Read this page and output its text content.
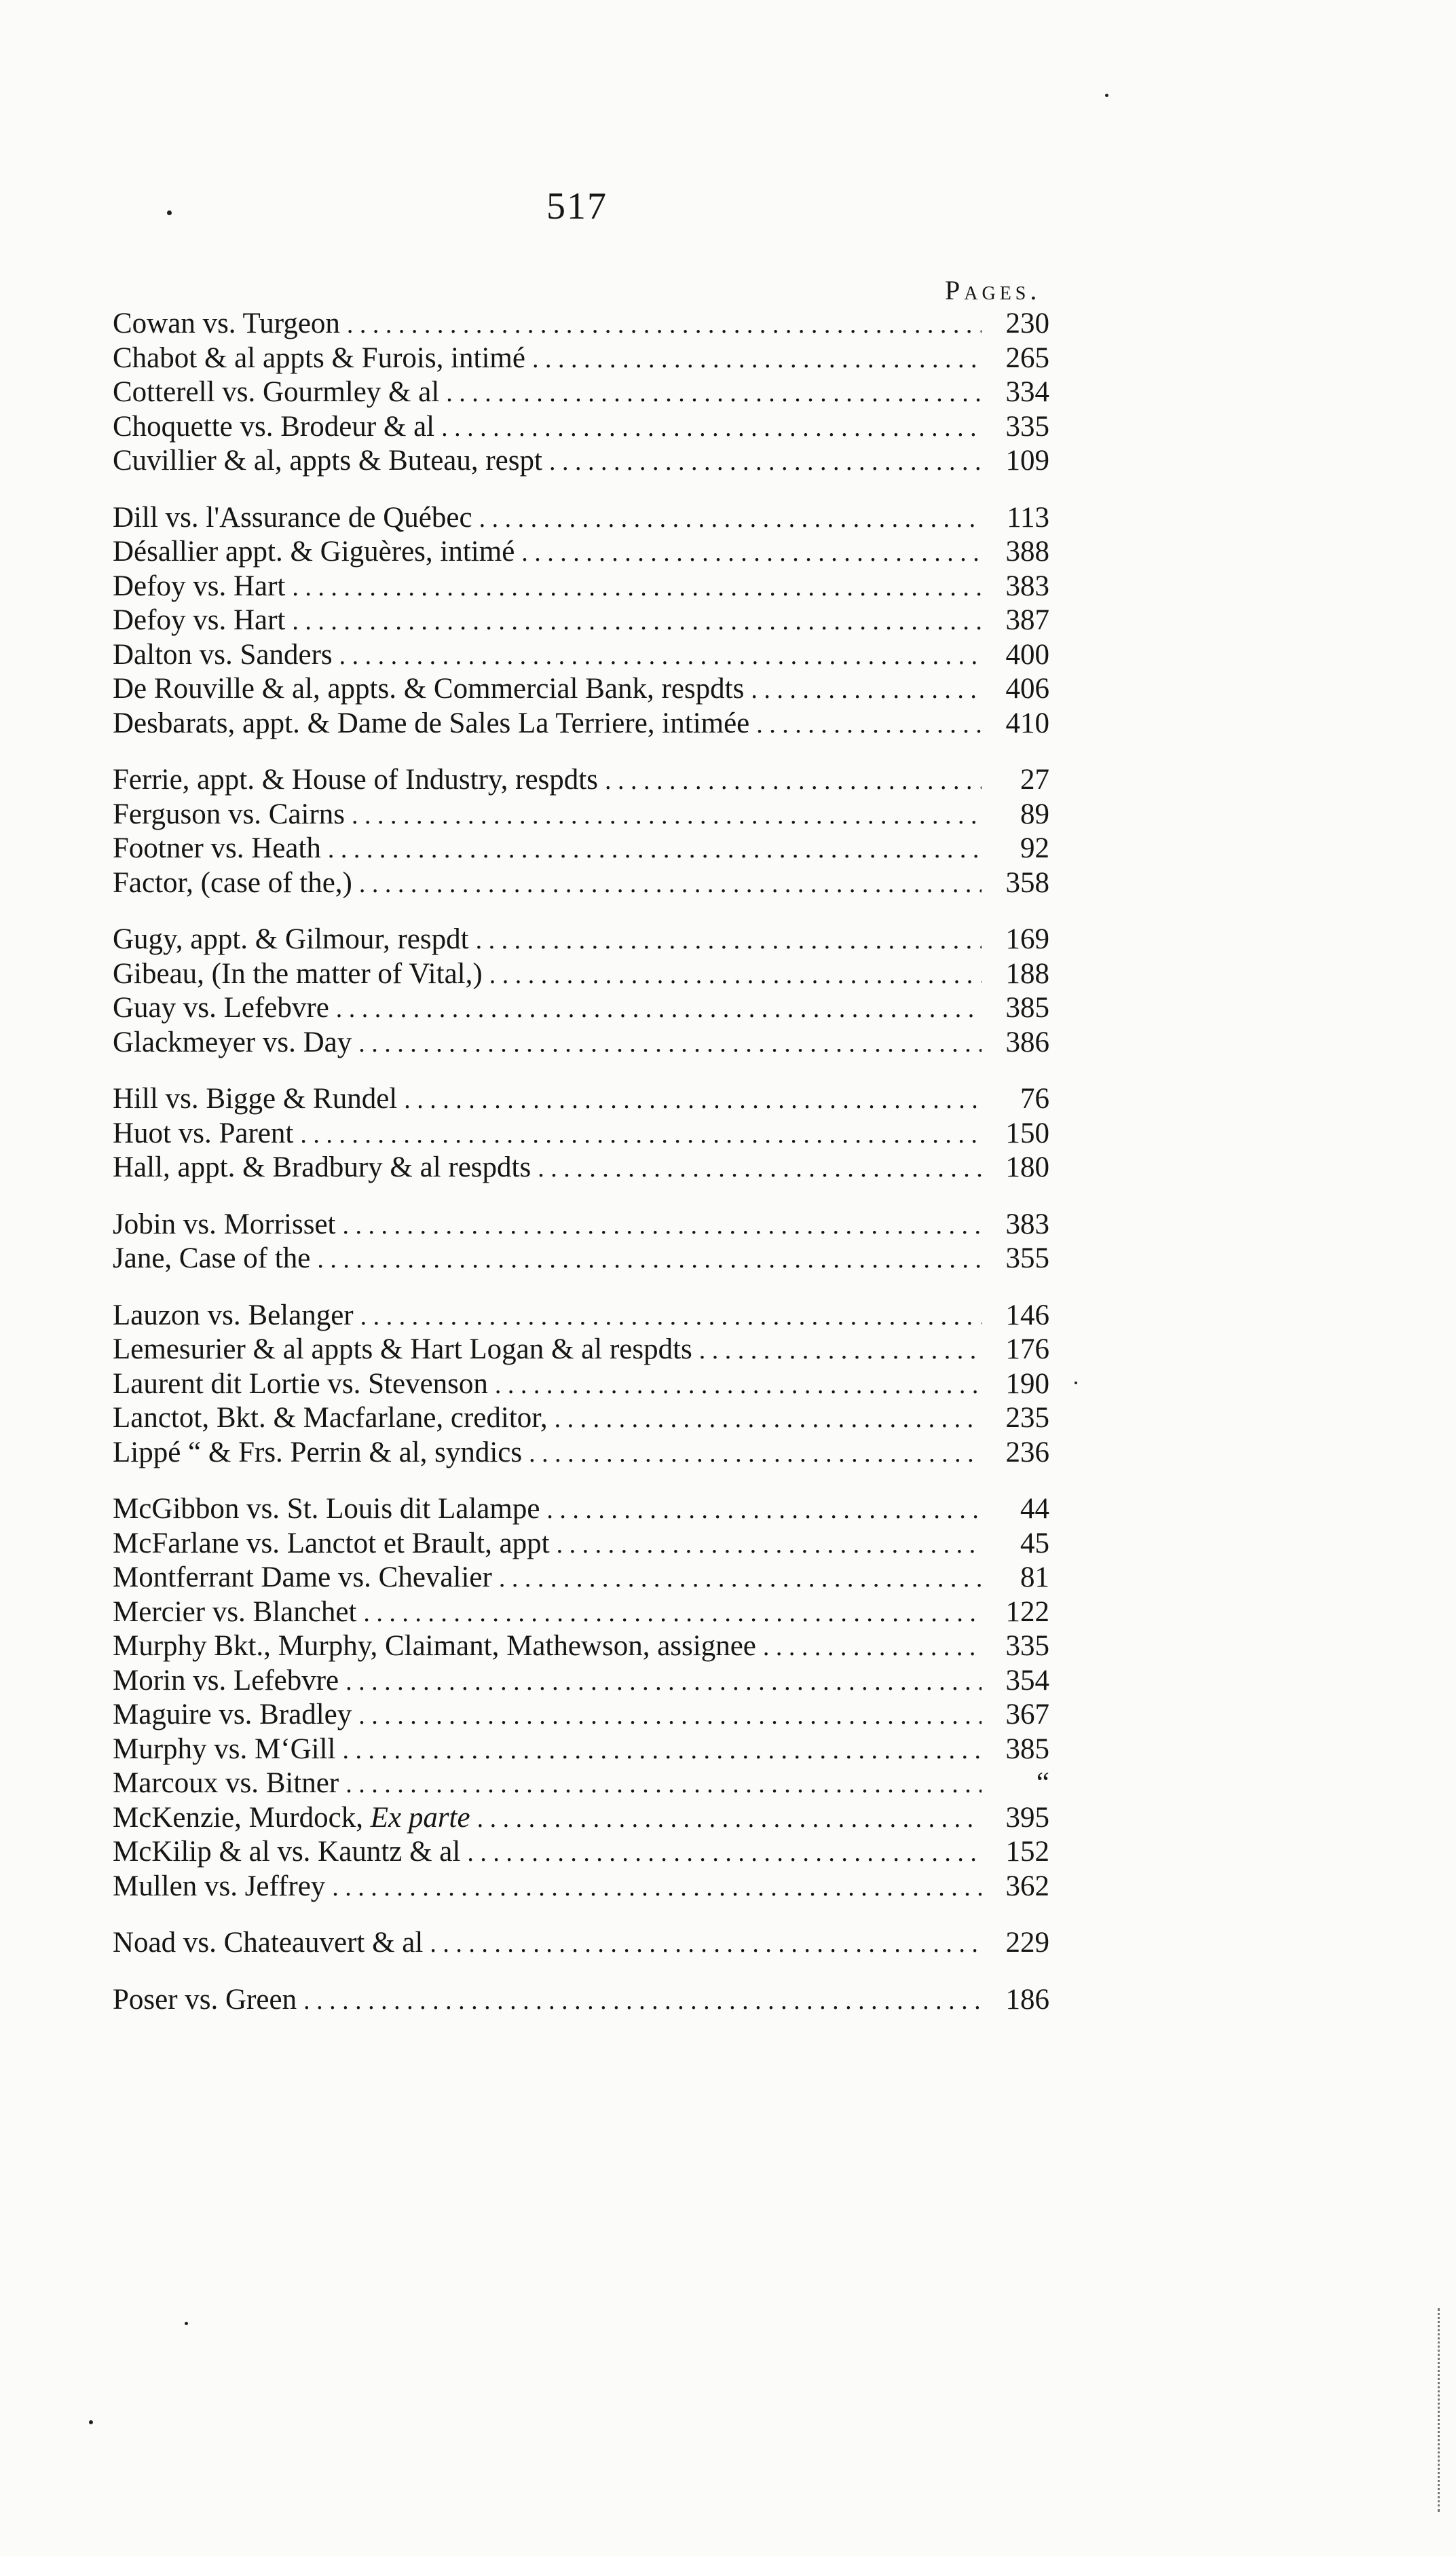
517
Pages.
Cowan vs. Turgeon . . .	230
Chabot & al appts & Furois, intimé . . .	265
Cotterell vs. Gourmley & al . . .	334
Choquette vs. Brodeur & al . . .	335
Cuvillier & al, appts & Buteau, respt . . .	109
Dill vs. l'Assurance de Québec . . .	113
Désallier appt. & Giguères, intimé . . .	388
Defoy vs. Hart . . .	383
Defoy vs. Hart . . .	387
Dalton vs. Sanders . . .	400
De Rouville & al, appts. & Commercial Bank, respdts . . .	406
Desbarats, appt. & Dame de Sales La Terriere, intimée . . .	410
Ferrie, appt. & House of Industry, respdts . . .	27
Ferguson vs. Cairns . . .	89
Footner vs. Heath . . .	92
Factor, (case of the,) . . .	358
Gugy, appt. & Gilmour, respdt . . .	169
Gibeau, (In the matter of Vital,) . . .	188
Guay vs. Lefebvre . . .	385
Glackmeyer vs. Day . . .	386
Hill vs. Bigge & Rundel . . .	76
Huot vs. Parent . . .	150
Hall, appt. & Bradbury & al respdts . . .	180
Jobin vs. Morrisset . . .	383
Jane, Case of the . . .	355
Lauzon vs. Belanger . . .	146
Lemesurier & al appts & Hart Logan & al respdts . . .	176
Laurent dit Lortie vs. Stevenson . . .	190
Lanctot, Bkt. & Macfarlane, creditor, . . .	235
Lippé “ & Frs. Perrin & al, syndics . . .	236
McGibbon vs. St. Louis dit Lalampe . . .	44
McFarlane vs. Lanctot et Brault, appt . . .	45
Montferrant Dame vs. Chevalier . . .	81
Mercier vs. Blanchet . . .	122
Murphy Bkt., Murphy, Claimant, Mathewson, assignee . . .	335
Morin vs. Lefebvre . . .	354
Maguire vs. Bradley . . .	367
Murphy vs. M‘Gill . . .	385
Marcoux vs. Bitner . . .	“
McKenzie, Murdock, Ex parte . . .	395
McKilip & al vs. Kauntz & al . . .	152
Mullen vs. Jeffrey . . .	362
Noad vs. Chateauvert & al . . .	229
Poser vs. Green . . .	186
